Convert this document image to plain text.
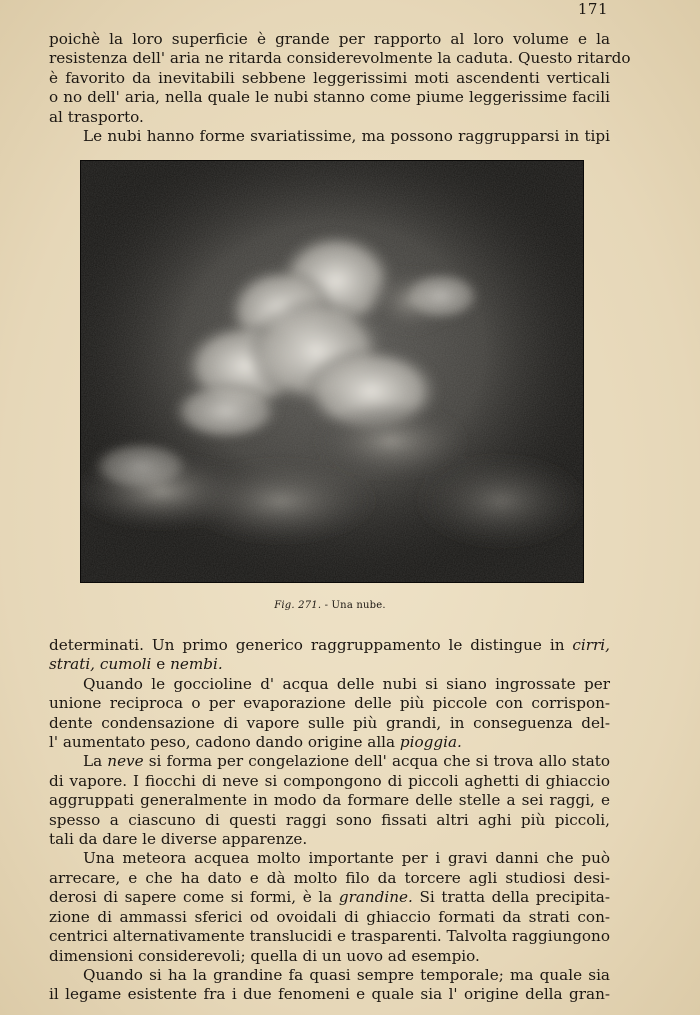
171
poichè la loro superficie è grande per rapporto al loro volume e la
resistenza dell' aria ne ritarda considerevolmente la caduta. Questo ritardo
è favorito da inevitabili sebbene leggerissimi moti ascendenti verticali
o no dell' aria, nella quale le nubi stanno come piume leggerissime facili
al trasporto.
Le nubi hanno forme svariatissime, ma possono raggrupparsi in tipi
Fig. 271. - Una nube.
determinati. Un primo generico raggruppamento le distingue in cirri,
strati, cumoli e nembi.
Quando le goccioline d' acqua delle nubi si siano ingrossate per
unione reciproca o per evaporazione delle più piccole con corrispon-
dente condensazione di vapore sulle più grandi, in conseguenza del-
l' aumentato peso, cadono dando origine alla pioggia.
La neve si forma per congelazione dell' acqua che si trova allo stato
di vapore. I fiocchi di neve si compongono di piccoli aghetti di ghiaccio
aggruppati generalmente in modo da formare delle stelle a sei raggi, e
spesso a ciascuno di questi raggi sono fissati altri aghi più piccoli,
tali da dare le diverse apparenze.
Una meteora acquea molto importante per i gravi danni che può
arrecare, e che ha dato e dà molto filo da torcere agli studiosi desi-
derosi di sapere come si formi, è la grandine. Si tratta della precipita-
zione di ammassi sferici od ovoidali di ghiaccio formati da strati con-
centrici alternativamente translucidi e trasparenti. Talvolta raggiungono
dimensioni considerevoli; quella di un uovo ad esempio.
Quando si ha la grandine fa quasi sempre temporale; ma quale sia
il legame esistente fra i due fenomeni e quale sia l' origine della gran-
